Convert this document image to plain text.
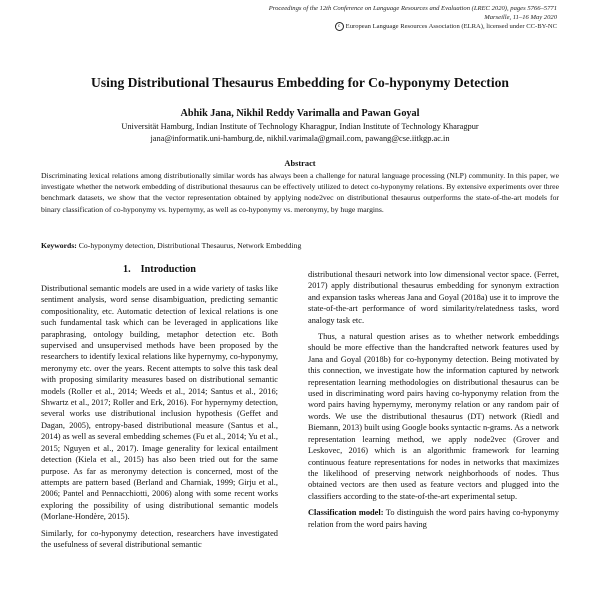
Proceedings of the 12th Conference on Language Resources and Evaluation (LREC 2020), pages 5766–5771
Marseille, 11–16 May 2020
c European Language Resources Association (ELRA), licensed under CC-BY-NC
Using Distributional Thesaurus Embedding for Co-hyponymy Detection
Abhik Jana, Nikhil Reddy Varimalla and Pawan Goyal
Universität Hamburg, Indian Institute of Technology Kharagpur, Indian Institute of Technology Kharagpur
jana@informatik.uni-hamburg.de, nikhil.varimala@gmail.com, pawang@cse.iitkgp.ac.in
Abstract
Discriminating lexical relations among distributionally similar words has always been a challenge for natural language processing (NLP) community. In this paper, we investigate whether the network embedding of distributional thesaurus can be effectively utilized to detect co-hyponymy relations. By extensive experiments over three benchmark datasets, we show that the vector representation obtained by applying node2vec on distributional thesaurus outperforms the state-of-the-art models for binary classification of co-hyponymy vs. hypernymy, as well as co-hyponymy vs. meronymy, by huge margins.
Keywords: Co-hyponymy detection, Distributional Thesaurus, Network Embedding
1. Introduction

Distributional semantic models are used in a wide variety of tasks like sentiment analysis, word sense disambiguation, predicting semantic compositionality, etc. Automatic detection of lexical relations is one such fundamental task which can be leveraged in applications like paraphrasing, ontology building, metaphor detection etc. Both supervised and unsupervised methods have been proposed by the researchers to identify lexical relations like hypernymy, co-hyponymy, meronymy etc. over the years. Recent attempts to solve this task deal with proposing similarity measures based on distributional semantic models (Roller et al., 2014; Weeds et al., 2014; Santus et al., 2016; Shwartz et al., 2017; Roller and Erk, 2016). For hypernymy detection, several works use distributional inclusion hypothesis (Geffet and Dagan, 2005), entropy-based distributional measure (Santus et al., 2014) as well as several embedding schemes (Fu et al., 2014; Yu et al., 2015; Nguyen et al., 2017). Image generality for lexical entailment detection (Kiela et al., 2015) has also been tried out for the same purpose. As far as meronymy detection is concerned, most of the attempts are pattern based (Berland and Charniak, 1999; Girju et al., 2006; Pantel and Pennacchiotti, 2006) along with some recent works exploring the possibility of using distributional semantic models (Morlane-Hondère, 2015).

Similarly, for co-hyponymy detection, researchers have investigated the usefulness of several distributional semantic

distributional thesauri network into low dimensional vector space. (Ferret, 2017) apply distributional thesaurus embedding for synonym extraction and expansion tasks whereas Jana and Goyal (2018a) use it to improve the state-of-the-art performance of word similarity/relatedness tasks, word analogy task etc.

Thus, a natural question arises as to whether network embeddings should be more effective than the handcrafted network features used by Jana and Goyal (2018b) for co-hyponymy detection. Being motivated by this connection, we investigate how the information captured by network representation learning methodologies on distributional thesaurus can be used in discriminating word pairs having co-hyponymy relation from the word pairs having hypernymy, meronymy relation or any random pair of words. We use the distributional thesaurus (DT) network (Riedl and Biemann, 2013) built using Google books syntactic n-grams. As a network representation learning method, we apply node2vec (Grover and Leskovec, 2016) which is an algorithmic framework for learning continuous feature representations for nodes in networks that maximizes the likelihood of preserving network neighborhoods of nodes. Thus obtained vectors are then used as feature vectors and plugged into the classifiers according to the state-of-the-art experimental setup.

Classification model: To distinguish the word pairs having co-hyponymy relation from the word pairs having
